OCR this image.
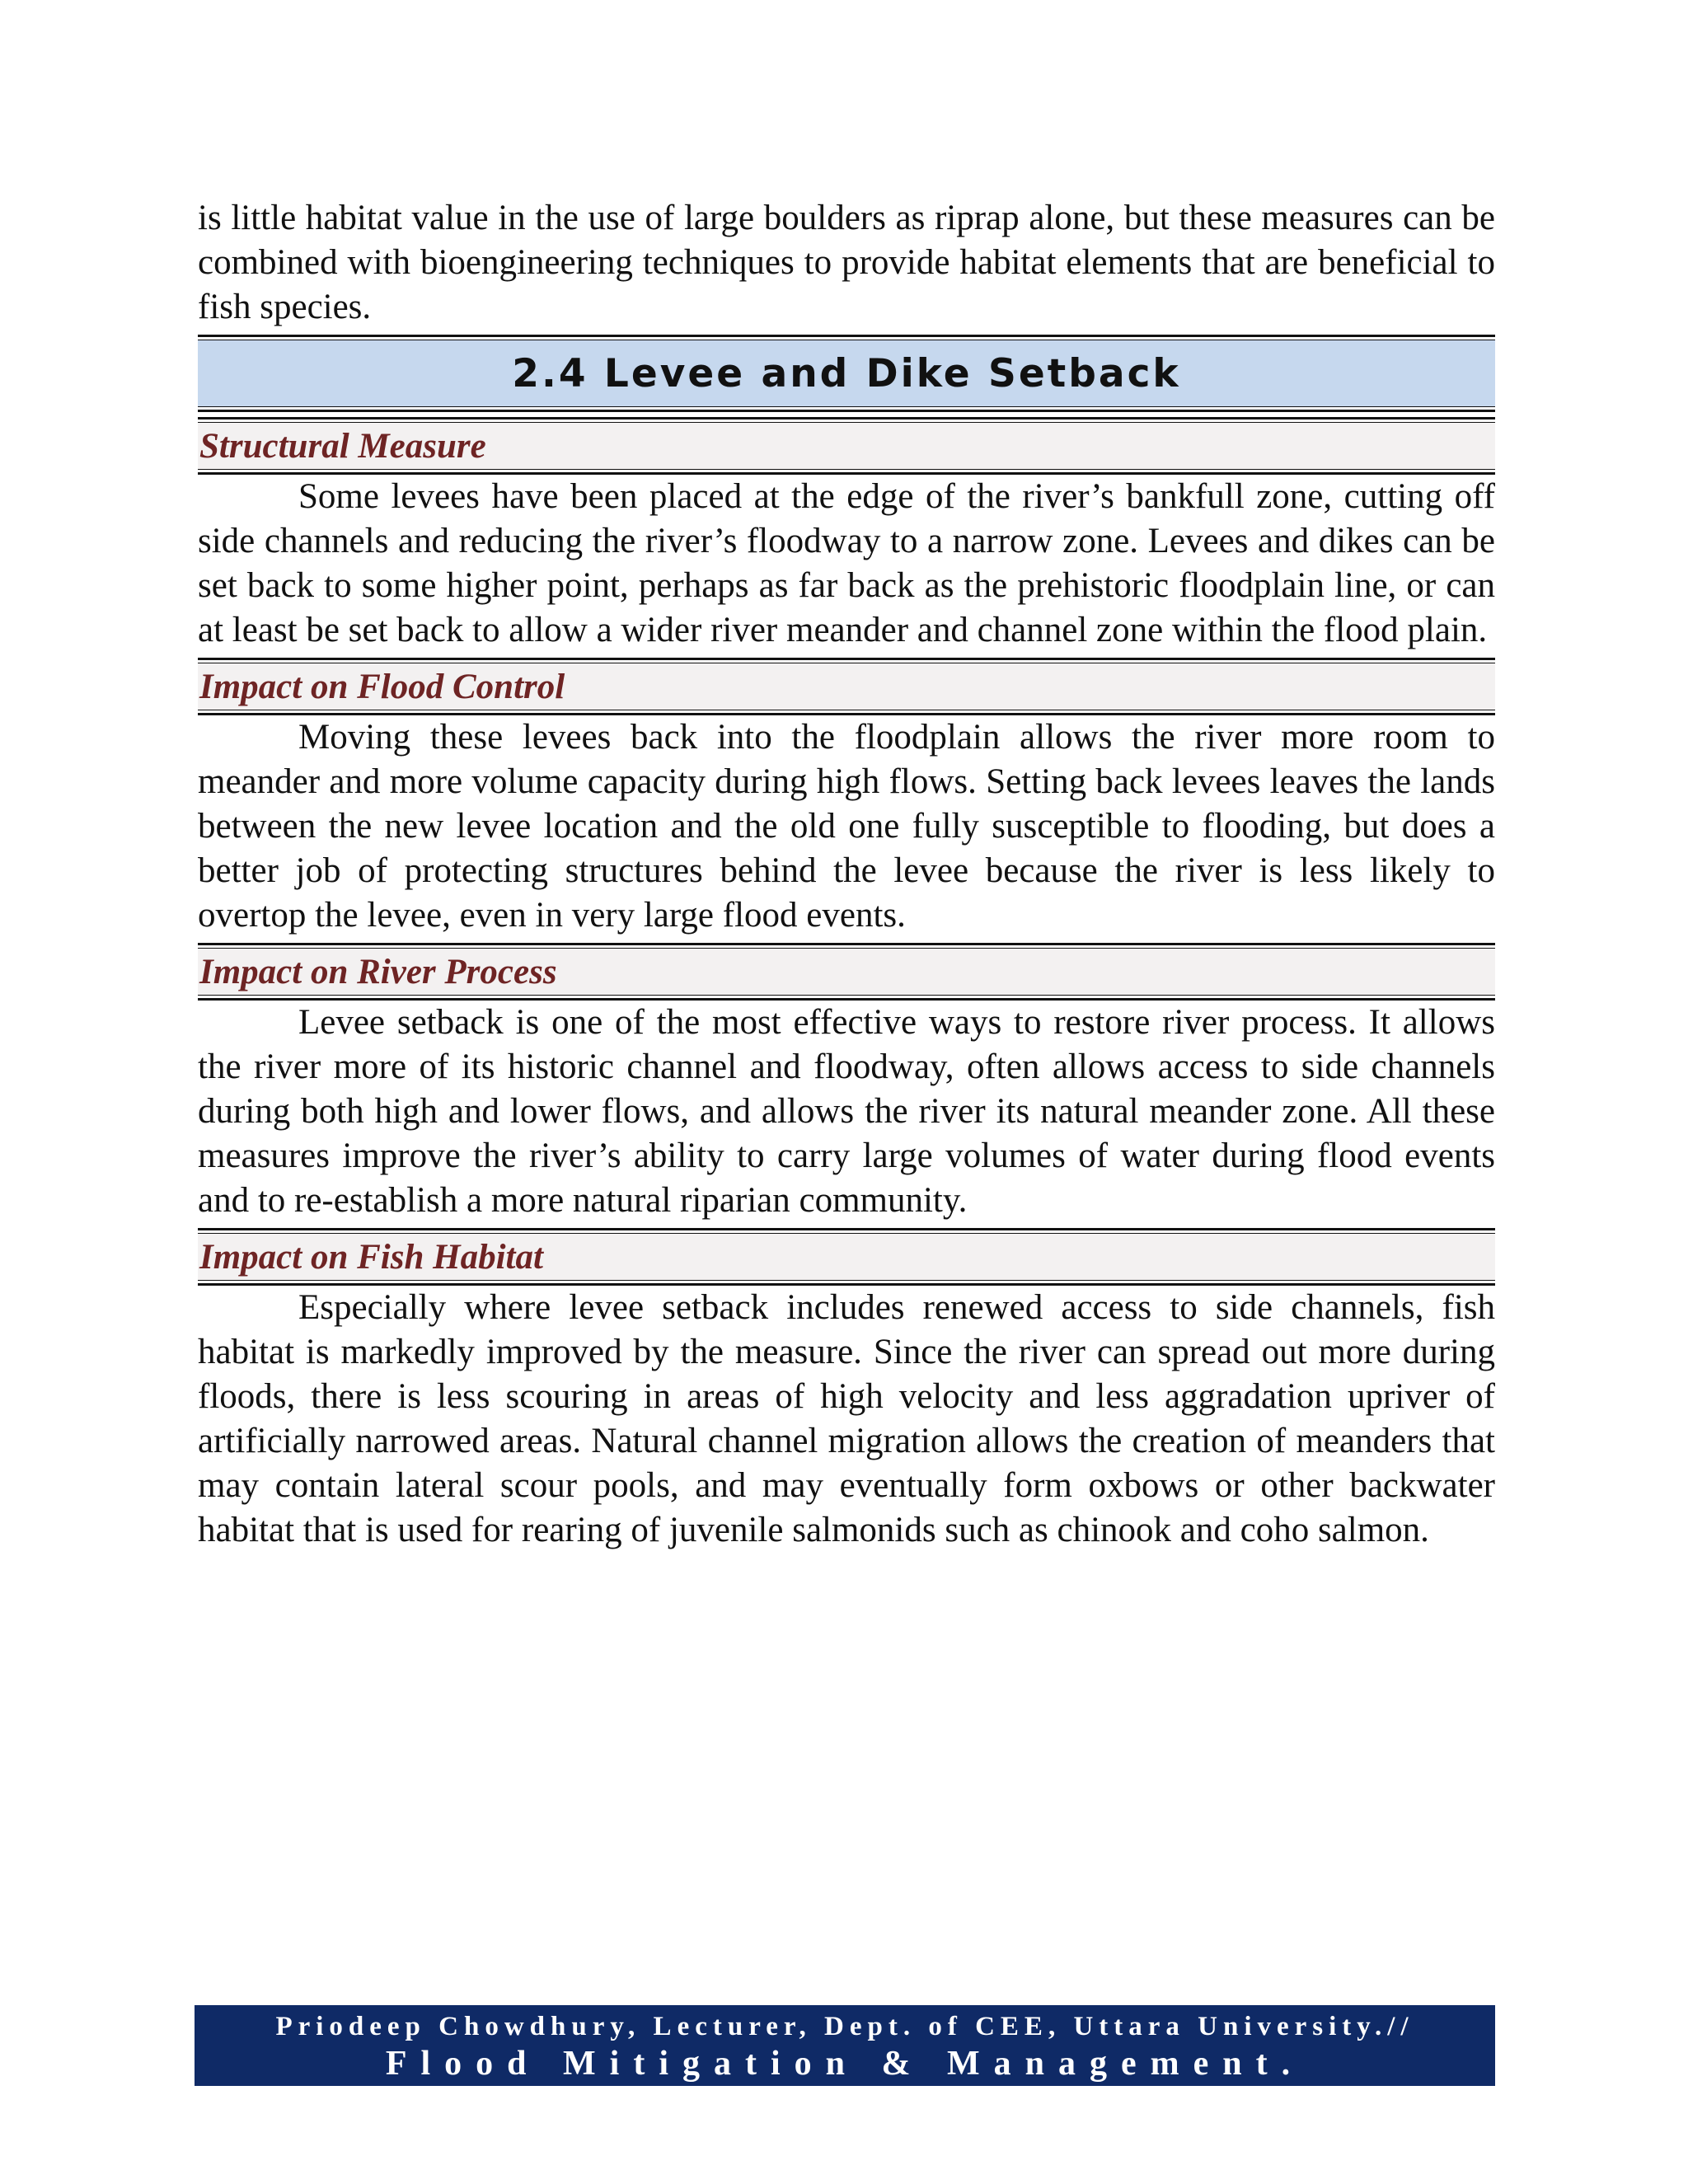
is little habitat value in the use of large boulders as riprap alone, but these measures can be combined with bioengineering techniques to provide habitat elements that are beneficial to fish species.

2.4 Levee and Dike Setback
Structural Measure

Some levees have been placed at the edge of the river’s bankfull zone, cutting off side channels and reducing the river’s floodway to a narrow zone. Levees and dikes can be set back to some higher point, perhaps as far back as the prehistoric floodplain line, or can at least be set back to allow a wider river meander and channel zone within the flood plain.

Impact on Flood Control

Moving these levees back into the floodplain allows the river more room to meander and more volume capacity during high flows. Setting back levees leaves the lands between the new levee location and the old one fully susceptible to flooding, but does a better job of protecting structures behind the levee because the river is less likely to overtop the levee, even in very large flood events.

Impact on River Process

Levee setback is one of the most effective ways to restore river process. It allows the river more of its historic channel and floodway, often allows access to side channels during both high and lower flows, and allows the river its natural meander zone. All these measures improve the river’s ability to carry large volumes of water during flood events and to re-establish a more natural riparian community.

Impact on Fish Habitat

Especially where levee setback includes renewed access to side channels, fish habitat is markedly improved by the measure. Since the river can spread out more during floods, there is less scouring in areas of high velocity and less aggradation upriver of artificially narrowed areas. Natural channel migration allows the creation of meanders that may contain lateral scour pools, and may eventually form oxbows or other backwater habitat that is used for rearing of juvenile salmonids such as chinook and coho salmon.

Priodeep Chowdhury, Lecturer, Dept. of CEE, Uttara University.//
Flood Mitigation & Management.
